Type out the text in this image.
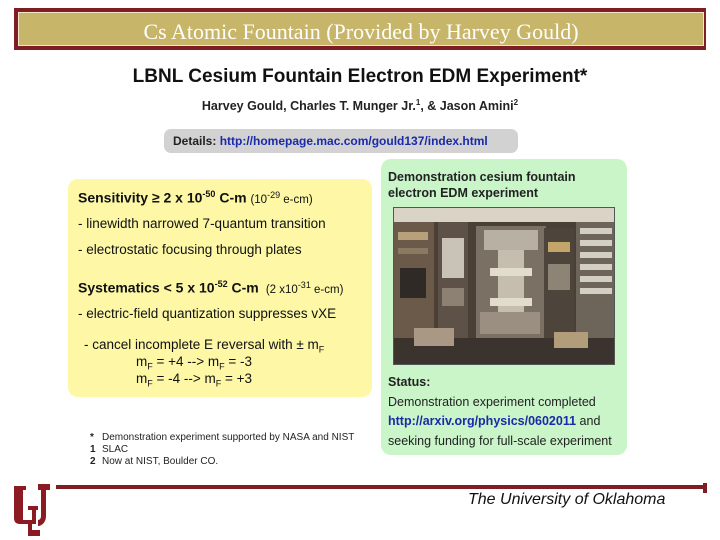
Cs Atomic Fountain (Provided by Harvey Gould)
LBNL Cesium Fountain Electron EDM Experiment*
Harvey Gould, Charles T. Munger Jr.$^1$, & Jason Amini$^2$
Details: http://homepage.mac.com/gould137/index.html
Sensitivity ≥ 2 x $10^{-50}$ C-m ($10^{-29}$ e-cm)
- linewidth narrowed 7-quantum transition
- electrostatic focusing through plates
Systematics < 5 x $10^{-52}$ C-m (2 $x10^{-31}$ e-cm)
- electric-field quantization suppresses vXE
- cancel incomplete E reversal with ± $m_F$
$m_F = +4$ --> $m_F = -3$
$m_F = -4$ --> $m_F = +3$
Demonstration cesium fountain
electron EDM experiment
Status:
Demonstration experiment completed
http://arxiv.org/physics/0602011 and
seeking funding for full-scale experiment
* Demonstration experiment supported by NASA and NIST
1 SLAC
2 Now at NIST, Boulder CO.
The University of Oklahoma
